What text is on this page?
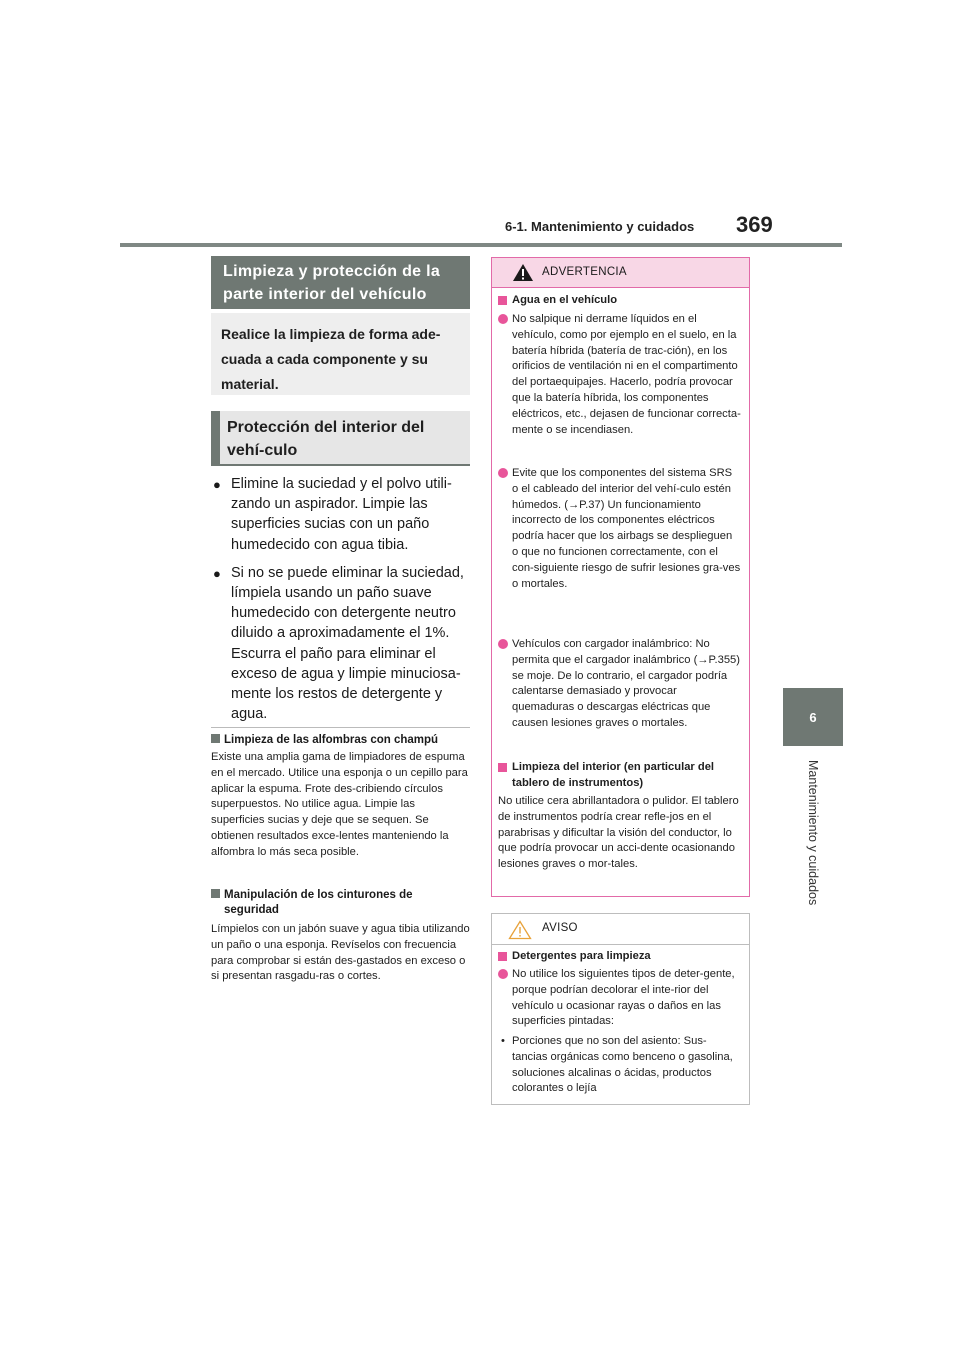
6-1. Mantenimiento y cuidados 369
6
Mantenimiento y cuidados
Limpieza y protección de la parte interior del vehículo
Realice la limpieza de forma ade-
cuada a cada componente y su
material.
Protección del interior del vehí-culo
● Elimine la suciedad y el polvo utili-zando un aspirador. Limpie las superficies sucias con un paño humedecido con agua tibia.
● Si no se puede eliminar la suciedad, límpiela usando un paño suave humedecido con detergente neutro diluido a aproximadamente el 1%. Escurra el paño para eliminar el exceso de agua y limpie minuciosa-mente los restos de detergente y agua.
Limpieza de las alfombras con champú
Existe una amplia gama de limpiadores de espuma en el mercado. Utilice una esponja o un cepillo para aplicar la espuma. Frote des-cribiendo círculos superpuestos. No utilice agua. Limpie las superficies sucias y deje que se sequen. Se obtienen resultados exce-lentes manteniendo la alfombra lo más seca posible.
Manipulación de los cinturones de seguridad
Límpielos con un jabón suave y agua tibia utilizando un paño o una esponja. Revíselos con frecuencia para comprobar si están des-gastados en exceso o si presentan rasgadu-ras o cortes.
ADVERTENCIA
Agua en el vehículo
No salpique ni derrame líquidos en el vehículo, como por ejemplo en el suelo, en la batería híbrida (batería de trac-ción), en los orificios de ventilación ni en el compartimento del portaequipajes. Hacerlo, podría provocar que la batería híbrida, los componentes eléctricos, etc., dejasen de funcionar correcta-mente o se incendiasen.
Evite que los componentes del sistema SRS o el cableado del interior del vehí-culo estén húmedos. (→P.37) Un funcionamiento incorrecto de los componentes eléctricos podría hacer que los airbags se desplieguen o que no funcionen correctamente, con el con-siguiente riesgo de sufrir lesiones gra-ves o mortales.
Vehículos con cargador inalámbrico: No permita que el cargador inalámbrico (→P.355) se moje. De lo contrario, el cargador podría calentarse demasiado y provocar quemaduras o descargas eléctricas que causen lesiones graves o mortales.
Limpieza del interior (en particular del tablero de instrumentos)
No utilice cera abrillantadora o pulidor. El tablero de instrumentos podría crear refle-jos en el parabrisas y dificultar la visión del conductor, lo que podría provocar un acci-dente ocasionando lesiones graves o mor-tales.
AVISO
Detergentes para limpieza
No utilice los siguientes tipos de deter-gente, porque podrían decolorar el inte-rior del vehículo u ocasionar rayas o daños en las superficies pintadas:
• Porciones que no son del asiento: Sus-tancias orgánicas como benceno o gasolina, soluciones alcalinas o ácidas, productos colorantes o lejía
